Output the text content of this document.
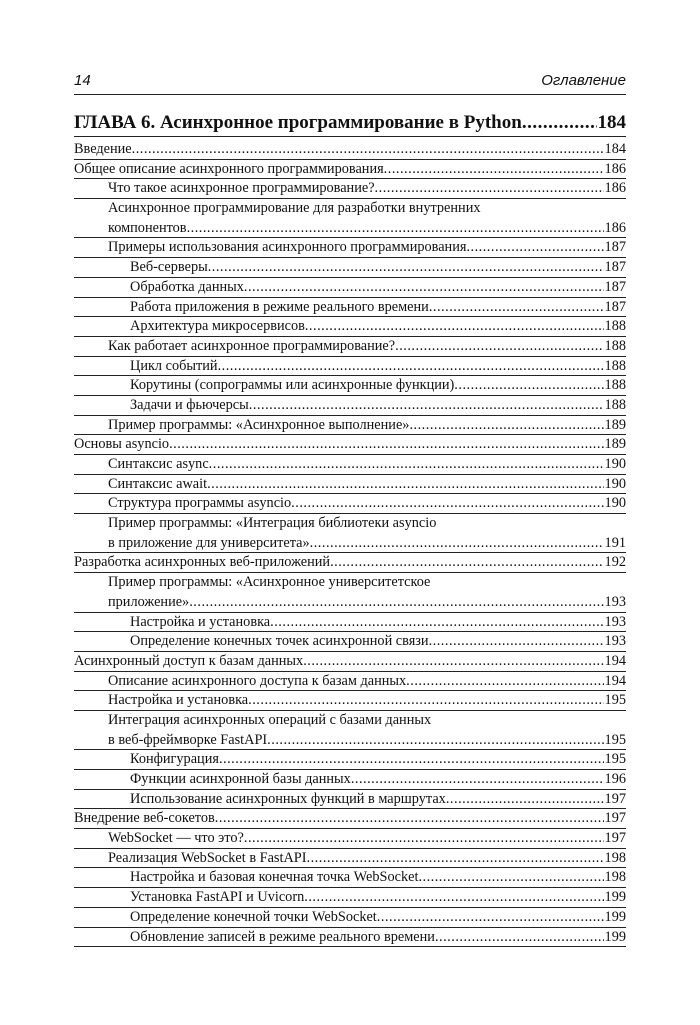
14	Оглавление
ГЛАВА 6. Асинхронное программирование в Python .....	184
Введение .....	184
Общее описание асинхронного программирования .....	186
Что такое асинхронное программирование? .....	186
Асинхронное программирование для разработки внутренних
компонентов .....	186
Примеры использования асинхронного программирования .....	187
Веб-серверы .....	187
Обработка данных .....	187
Работа приложения в режиме реального времени .....	187
Архитектура микросервисов .....	188
Как работает асинхронное программирование? .....	188
Цикл событий .....	188
Корутины (сопрограммы или асинхронные функции) .....	188
Задачи и фьючерсы .....	188
Пример программы: «Асинхронное выполнение» .....	189
Основы asyncio .....	189
Синтаксис async .....	190
Синтаксис await .....	190
Структура программы asyncio .....	190
Пример программы: «Интеграция библиотеки asyncio
в приложение для университета» .....	191
Разработка асинхронных веб-приложений .....	192
Пример программы: «Асинхронное университетское
приложение» .....	193
Настройка и установка .....	193
Определение конечных точек асинхронной связи .....	193
Асинхронный доступ к базам данных .....	194
Описание асинхронного доступа к базам данных .....	194
Настройка и установка .....	195
Интеграция асинхронных операций с базами данных
в веб-фреймворке FastAPI .....	195
Конфигурация .....	195
Функции асинхронной базы данных .....	196
Использование асинхронных функций в маршрутах .....	197
Внедрение веб-сокетов .....	197
WebSocket — что это? .....	197
Реализация WebSocket в FastAPI .....	198
Настройка и базовая конечная точка WebSocket .....	198
Установка FastAPI и Uvicorn .....	199
Определение конечной точки WebSocket .....	199
Обновление записей в режиме реального времени .....	199
